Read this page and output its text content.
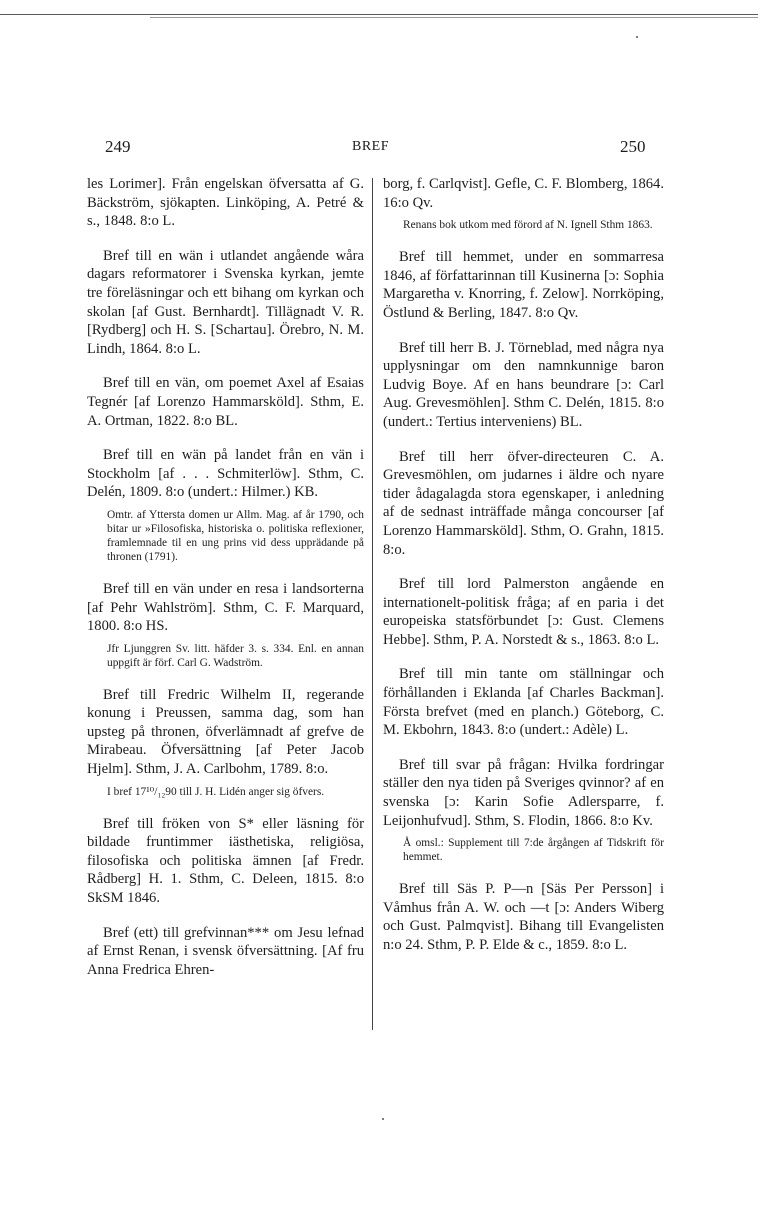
249	BREF	250

les Lorimer]. Från engelskan öfversatta af G. Bäckström, sjökapten. Linköping, A. Petré & s., 1848. 8:o L.

Bref till en wän i utlandet angående wåra dagars reformatorer i Svenska kyrkan, jemte tre föreläsningar och ett bihang om kyrkan och skolan [af Gust. Bernhardt]. Tillägnadt V. R. [Rydberg] och H. S. [Schartau]. Örebro, N. M. Lindh, 1864. 8:o L.

Bref till en vän, om poemet Axel af Esaias Tegnér [af Lorenzo Hammarsköld]. Sthm, E. A. Ortman, 1822. 8:o BL.

Bref till en wän på landet från en vän i Stockholm [af . . . Schmiterlöw]. Sthm, C. Delén, 1809. 8:o (undert.: Hilmer.) KB.

Omtr. af Yttersta domen ur Allm. Mag. af år 1790, och bitar ur »Filosofiska, historiska o. politiska reflexioner, framlemnade til en ung prins vid dess upprädande på thronen (1791).

Bref till en vän under en resa i landsorterna [af Pehr Wahlström]. Sthm, C. F. Marquard, 1800. 8:o HS.

Jfr Ljunggren Sv. litt. häfder 3. s. 334. Enl. en annan uppgift är förf. Carl G. Wadström.

Bref till Fredric Wilhelm II, regerande konung i Preussen, samma dag, som han upsteg på thronen, öfverlämnadt af grefve de Mirabeau. Öfversättning [af Peter Jacob Hjelm]. Sthm, J. A. Carlbohm, 1789. 8:o.

I bref 17¹⁰/₁₂90 till J. H. Lidén anger sig öfvers.

Bref till fröken von S* eller läsning för bildade fruntimmer iästhetiska, religiösa, filosofiska och politiska ämnen [af Fredr. Rådberg] H. 1. Sthm, C. Deleen, 1815. 8:o SkSM 1846.

Bref (ett) till grefvinnan*** om Jesu lefnad af Ernst Renan, i svensk öfversättning. [Af fru Anna Fredrica Ehren-

borg, f. Carlqvist]. Gefle, C. F. Blomberg, 1864. 16:o Qv.

Renans bok utkom med förord af N. Ignell Sthm 1863.

Bref till hemmet, under en sommarresa 1846, af författarinnan till Kusinerna [ɔ: Sophia Margaretha v. Knorring, f. Zelow]. Norrköping, Östlund & Berling, 1847. 8:o Qv.

Bref till herr B. J. Törneblad, med några nya upplysningar om den namnkunnige baron Ludvig Boye. Af en hans beundrare [ɔ: Carl Aug. Grevesmöhlen]. Sthm C. Delén, 1815. 8:o (undert.: Tertius interveniens) BL.

Bref till herr öfver-directeuren C. A. Grevesmöhlen, om judarnes i äldre och nyare tider ådagalagda stora egenskaper, i anledning af de sednast inträffade många concourser [af Lorenzo Hammarsköld]. Sthm, O. Grahn, 1815. 8:o.

Bref till lord Palmerston angående en internationelt-politisk fråga; af en paria i det europeiska statsförbundet [ɔ: Gust. Clemens Hebbe]. Sthm, P. A. Norstedt & s., 1863. 8:o L.

Bref till min tante om ställningar och förhållanden i Eklanda [af Charles Backman]. Första brefvet (med en planch.) Göteborg, C. M. Ekbohrn, 1843. 8:o (undert.: Adèle) L.

Bref till svar på frågan: Hvilka fordringar ställer den nya tiden på Sveriges qvinnor? af en svenska [ɔ: Karin Sofie Adlersparre, f. Leijonhufvud]. Sthm, S. Flodin, 1866. 8:o Kv.

Å omsl.: Supplement till 7:de årgången af Tidskrift för hemmet.

Bref till Säs P. P—n [Säs Per Persson] i Våmhus från A. W. och —t [ɔ: Anders Wiberg och Gust. Palmqvist]. Bihang till Evangelisten n:o 24. Sthm, P. P. Elde & c., 1859. 8:o L.
